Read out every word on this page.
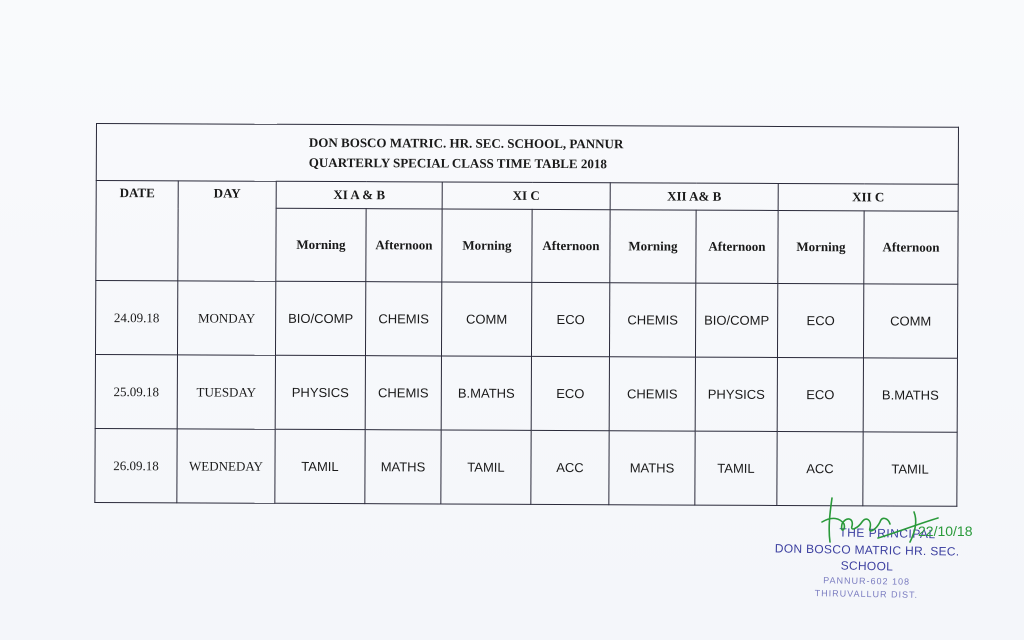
DON BOSCO MATRIC. HR. SEC. SCHOOL, PANNUR
QUARTERLY SPECIAL CLASS TIME TABLE 2018									

DATE	DAY	XI A & B		XI C		XII A& B		XII C	
		Morning	Afternoon	Morning	Afternoon	Morning	Afternoon	Morning	Afternoon
24.09.18	MONDAY	BIO/COMP	CHEMIS	COMM	ECO	CHEMIS	BIO/COMP	ECO	COMM
25.09.18	TUESDAY	PHYSICS	CHEMIS	B.MATHS	ECO	CHEMIS	PHYSICS	ECO	B.MATHS
26.09.18	WEDNEDAY	TAMIL	MATHS	TAMIL	ACC	MATHS	TAMIL	ACC	TAMIL
THE PRINCIPAL
DON BOSCO MATRIC HR. SEC. SCHOOL
PANNUR-602 108
THIRUVALLUR DIST.
22/10/18
